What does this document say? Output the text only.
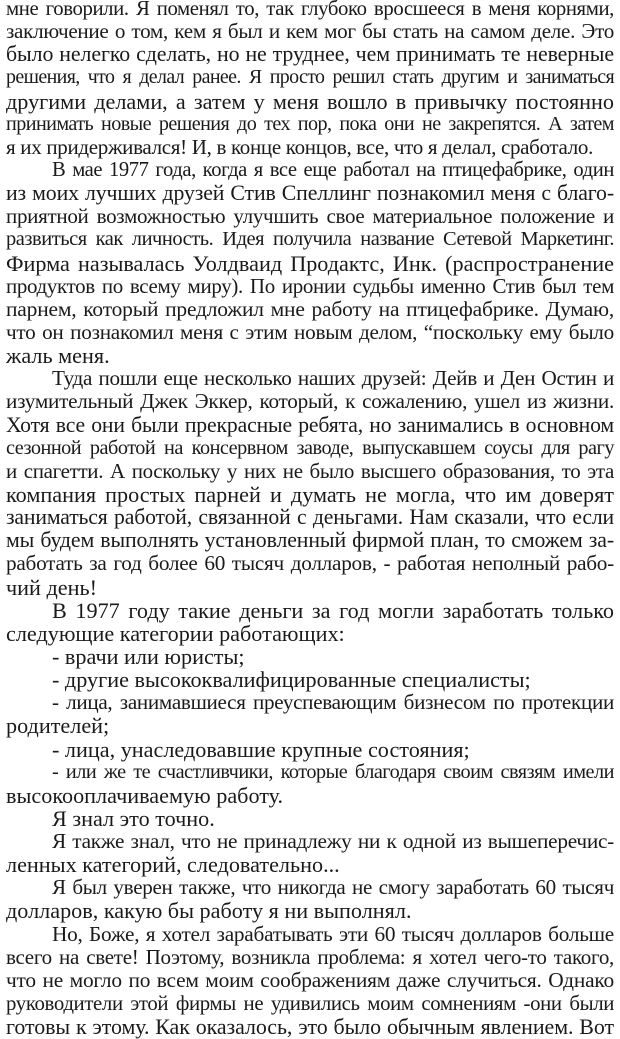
мне говорили. Я поменял то, так глубоко вросшееся в меня корнями,
заключение о том, кем я был и кем мог бы стать на самом деле. Это
было нелегко сделать, но не труднее, чем принимать те неверные
решения, что я делал ранее. Я просто решил стать другим и заниматься
другими делами, а затем у меня вошло в привычку постоянно
принимать новые решения до тех пор, пока они не закрепятся. А затем
я их придерживался! И, в конце концов, все, что я делал, сработало.
В мае 1977 года, когда я все еще работал на птицефабрике, один
из моих лучших друзей Стив Спеллинг познакомил меня с благо-
приятной возможностью улучшить свое материальное положение и
развиться как личность. Идея получила название Сетевой Маркетинг.
Фирма называлась Уолдваид Продактс, Инк. (распространение
продуктов по всему миру). По иронии судьбы именно Стив был тем
парнем, который предложил мне работу на птицефабрике. Думаю,
что он познакомил меня с этим новым делом, “поскольку ему было
жаль меня.
Туда пошли еще несколько наших друзей: Дейв и Ден Остин и
изумительный Джек Эккер, который, к сожалению, ушел из жизни.
Хотя все они были прекрасные ребята, но занимались в основном
сезонной работой на консервном заводе, выпускавшем соусы для рагу
и спагетти. А поскольку у них не было высшего образования, то эта
компания простых парней и думать не могла, что им доверят
заниматься работой, связанной с деньгами. Нам сказали, что если
мы будем выполнять установленный фирмой план, то сможем за-
работать за год более 60 тысяч долларов, - работая неполный рабо-
чий день!
В 1977 году такие деньги за год могли заработать только
следующие категории работающих:
- врачи или юристы;
- другие высококвалифицированные специалисты;
- лица, занимавшиеся преуспевающим бизнесом по протекции
родителей;
- лица, унаследовавшие крупные состояния;
- или же те счастливчики, которые благодаря своим связям имели
высокооплачиваемую работу.
Я знал это точно.
Я также знал, что не принадлежу ни к одной из вышеперечис-
ленных категорий, следовательно...
Я был уверен также, что никогда не смогу заработать 60 тысяч
долларов, какую бы работу я ни выполнял.
Но, Боже, я хотел зарабатывать эти 60 тысяч долларов больше
всего на свете! Поэтому, возникла проблема: я хотел чего-то такого,
что не могло по всем моим соображениям даже случиться. Однако
руководители этой фирмы не удивились моим сомнениям -они были
готовы к этому. Как оказалось, это было обычным явлением. Вот
